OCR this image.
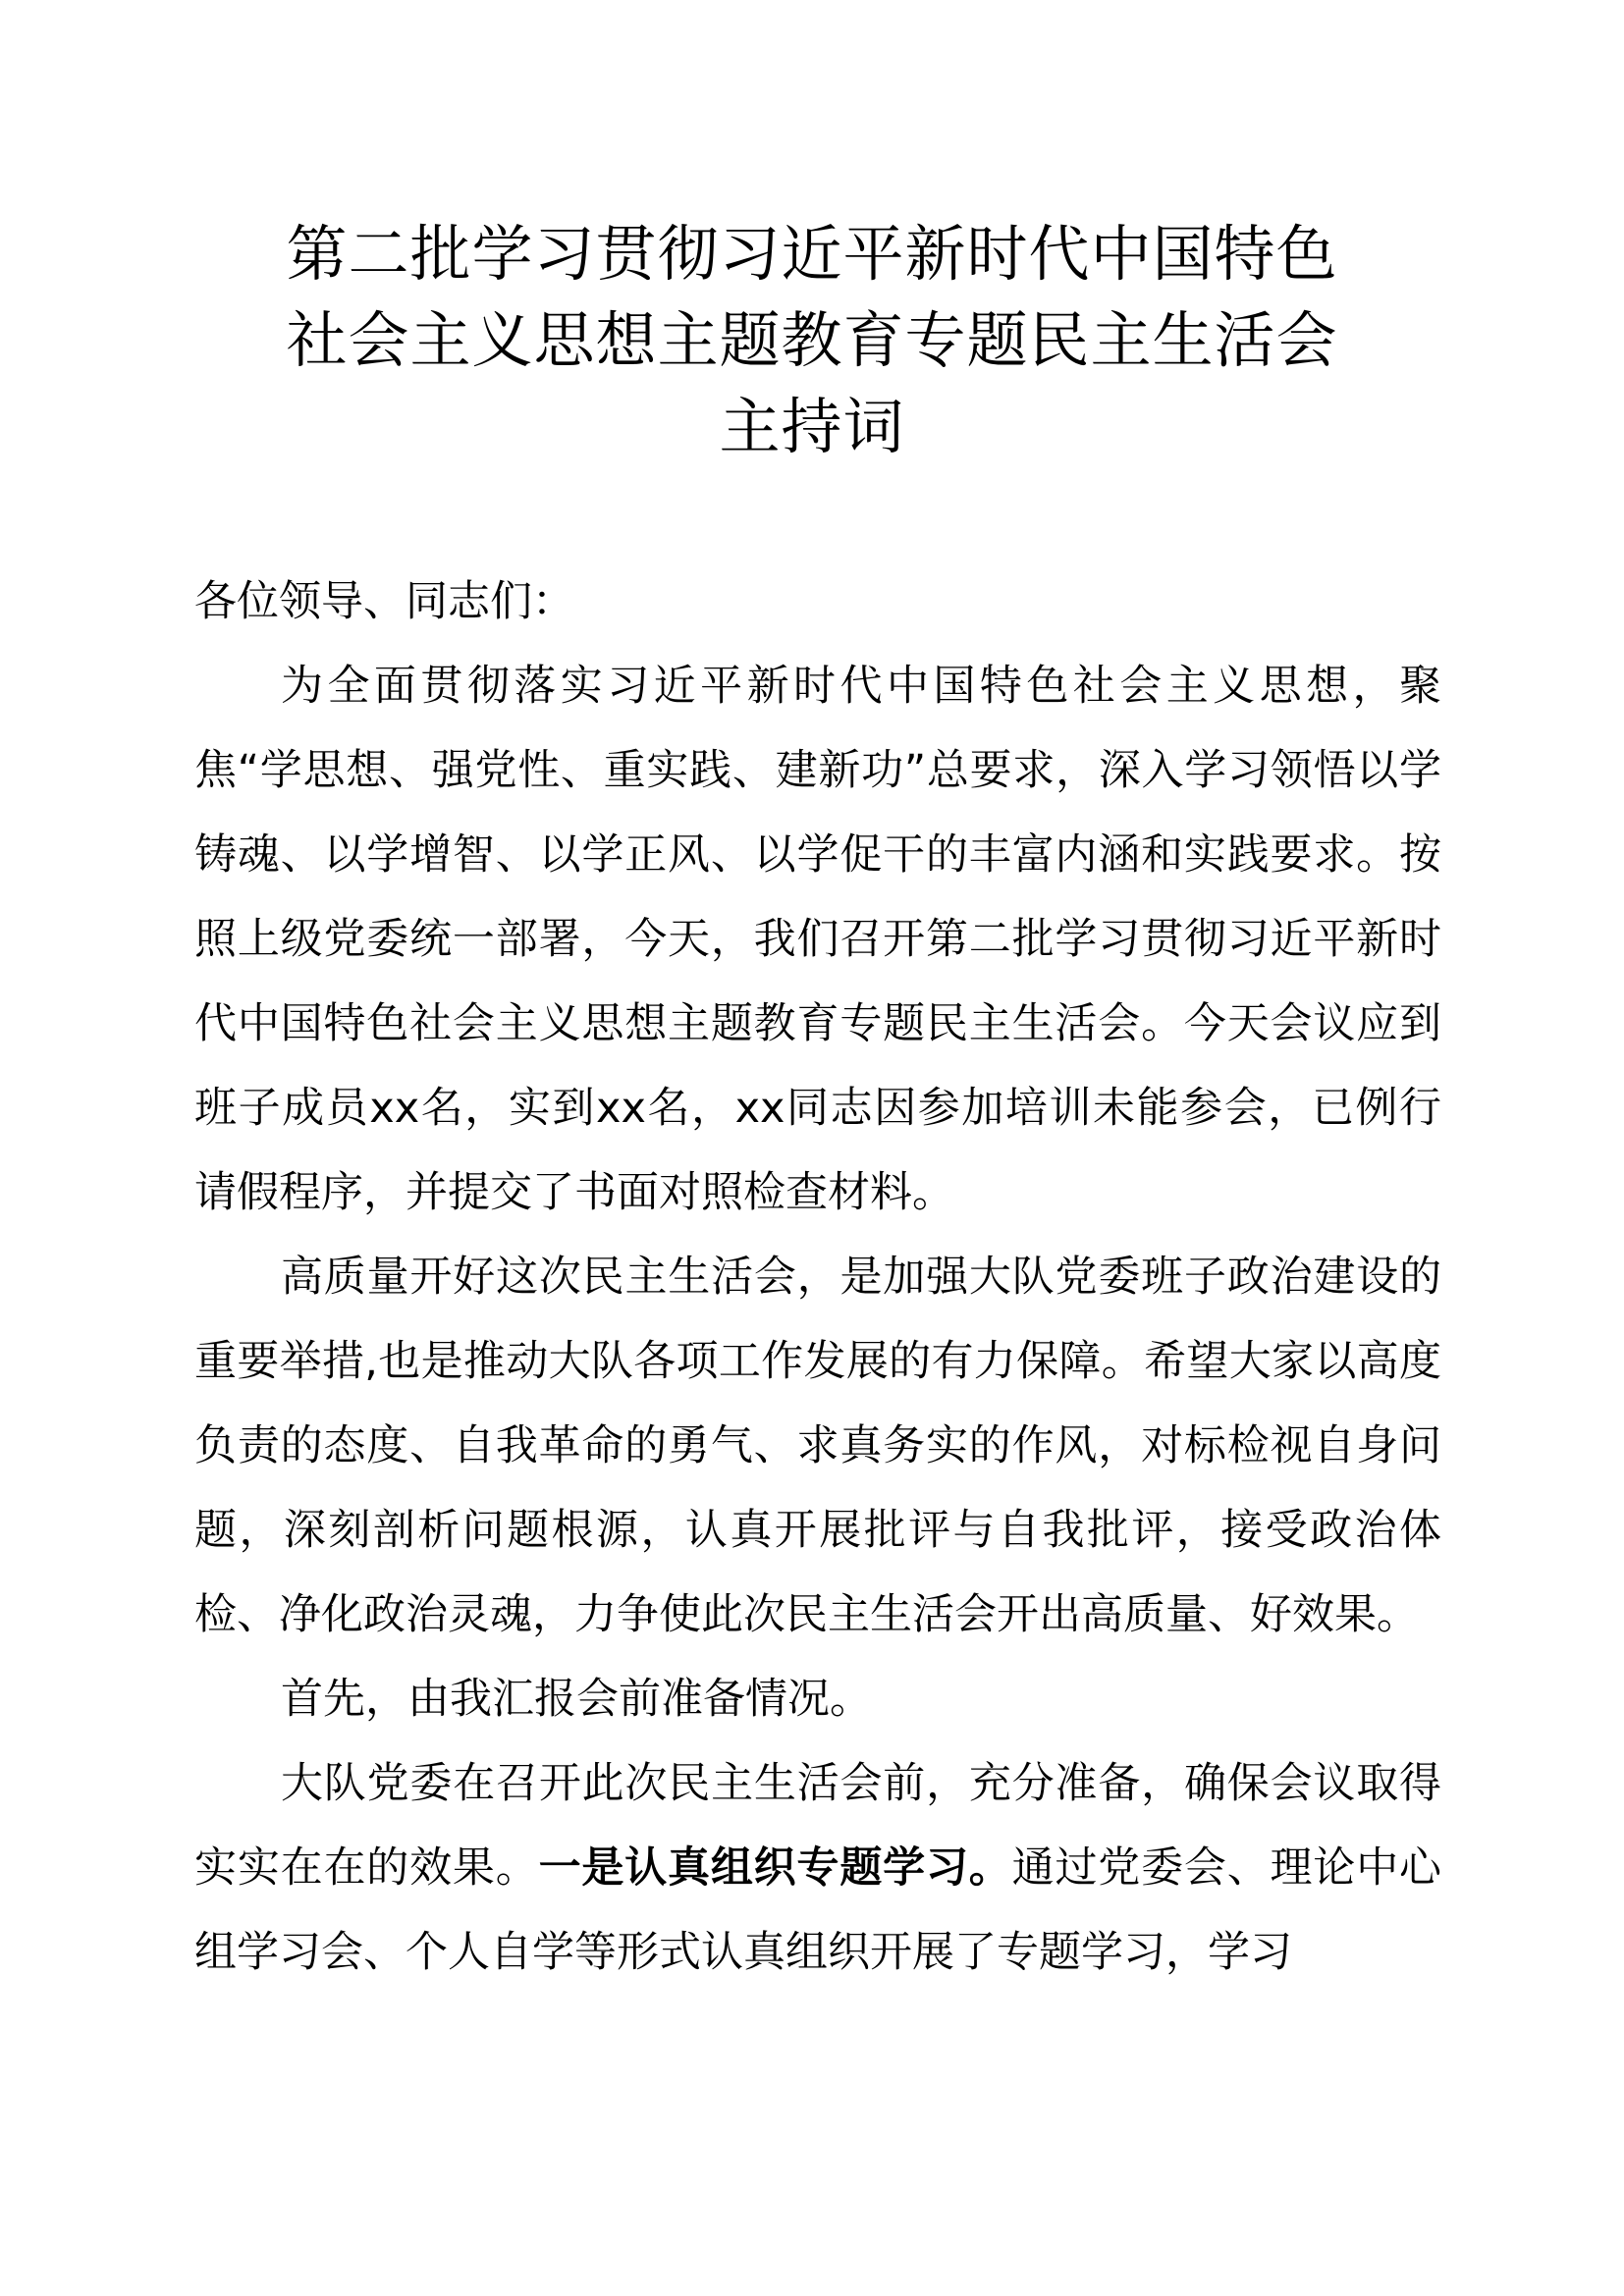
第二批学习贯彻习近平新时代中国特色
社会主义思想主题教育专题民主生活会
主持词

各位领导、同志们：

为全面贯彻落实习近平新时代中国特色社会主义思想，聚焦“学思想、强党性、重实践、建新功”总要求，深入学习领悟以学铸魂、以学增智、以学正风、以学促干的丰富内涵和实践要求。按照上级党委统一部署，今天，我们召开第二批学习贯彻习近平新时代中国特色社会主义思想主题教育专题民主生活会。今天会议应到班子成员xx名，实到xx名，xx同志因参加培训未能参会，已例行请假程序，并提交了书面对照检查材料。

高质量开好这次民主生活会，是加强大队党委班子政治建设的重要举措,也是推动大队各项工作发展的有力保障。希望大家以高度负责的态度、自我革命的勇气、求真务实的作风，对标检视自身问题，深刻剖析问题根源，认真开展批评与自我批评，接受政治体检、净化政治灵魂，力争使此次民主生活会开出高质量、好效果。

首先，由我汇报会前准备情况。

大队党委在召开此次民主生活会前，充分准备，确保会议取得实实在在的效果。一是认真组织专题学习。通过党委会、理论中心组学习会、个人自学等形式认真组织开展了专题学习，学习
